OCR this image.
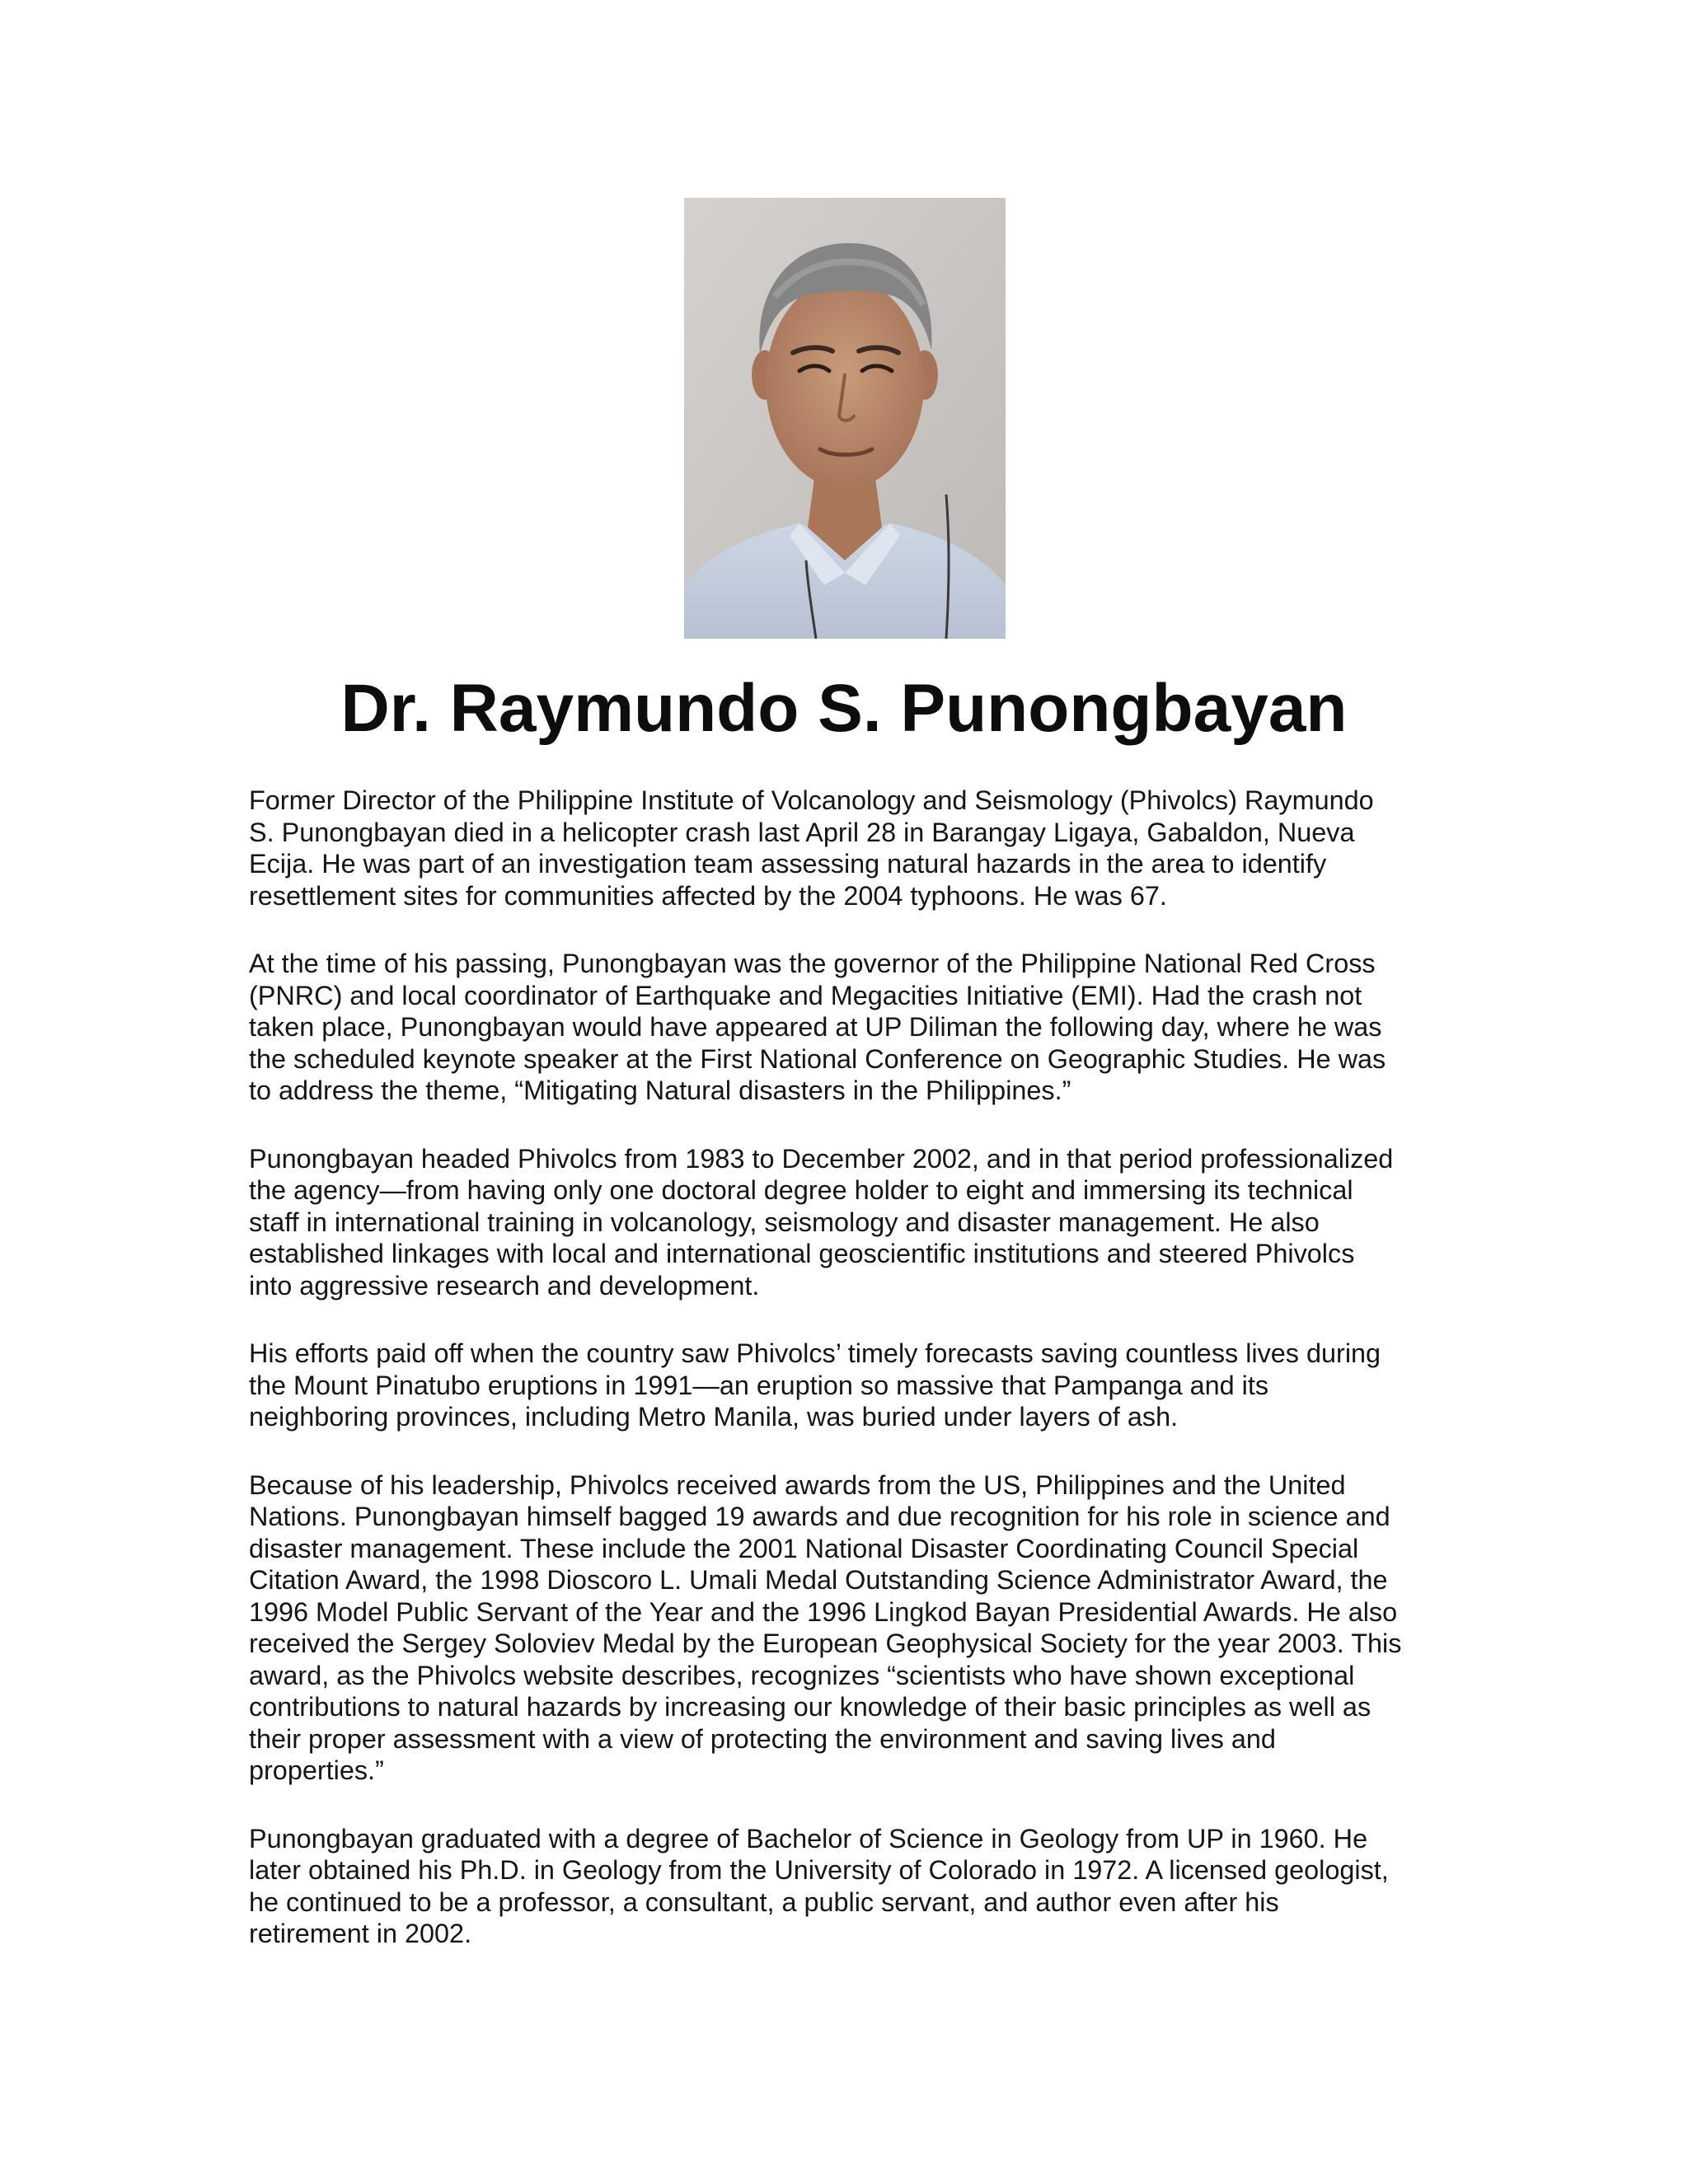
Dr. Raymundo S. Punongbayan

Former Director of the Philippine Institute of Volcanology and Seismology (Phivolcs) Raymundo
S. Punongbayan died in a helicopter crash last April 28 in Barangay Ligaya, Gabaldon, Nueva
Ecija. He was part of an investigation team assessing natural hazards in the area to identify
resettlement sites for communities affected by the 2004 typhoons. He was 67.

At the time of his passing, Punongbayan was the governor of the Philippine National Red Cross
(PNRC) and local coordinator of Earthquake and Megacities Initiative (EMI). Had the crash not
taken place, Punongbayan would have appeared at UP Diliman the following day, where he was
the scheduled keynote speaker at the First National Conference on Geographic Studies. He was
to address the theme, “Mitigating Natural disasters in the Philippines.”

Punongbayan headed Phivolcs from 1983 to December 2002, and in that period professionalized
the agency—from having only one doctoral degree holder to eight and immersing its technical
staff in international training in volcanology, seismology and disaster management. He also
established linkages with local and international geoscientific institutions and steered Phivolcs
into aggressive research and development.

His efforts paid off when the country saw Phivolcs’ timely forecasts saving countless lives during
the Mount Pinatubo eruptions in 1991—an eruption so massive that Pampanga and its
neighboring provinces, including Metro Manila, was buried under layers of ash.

Because of his leadership, Phivolcs received awards from the US, Philippines and the United
Nations. Punongbayan himself bagged 19 awards and due recognition for his role in science and
disaster management. These include the 2001 National Disaster Coordinating Council Special
Citation Award, the 1998 Dioscoro L. Umali Medal Outstanding Science Administrator Award, the
1996 Model Public Servant of the Year and the 1996 Lingkod Bayan Presidential Awards. He also
received the Sergey Soloviev Medal by the European Geophysical Society for the year 2003. This
award, as the Phivolcs website describes, recognizes “scientists who have shown exceptional
contributions to natural hazards by increasing our knowledge of their basic principles as well as
their proper assessment with a view of protecting the environment and saving lives and
properties.”

Punongbayan graduated with a degree of Bachelor of Science in Geology from UP in 1960. He
later obtained his Ph.D. in Geology from the University of Colorado in 1972. A licensed geologist,
he continued to be a professor, a consultant, a public servant, and author even after his
retirement in 2002.
